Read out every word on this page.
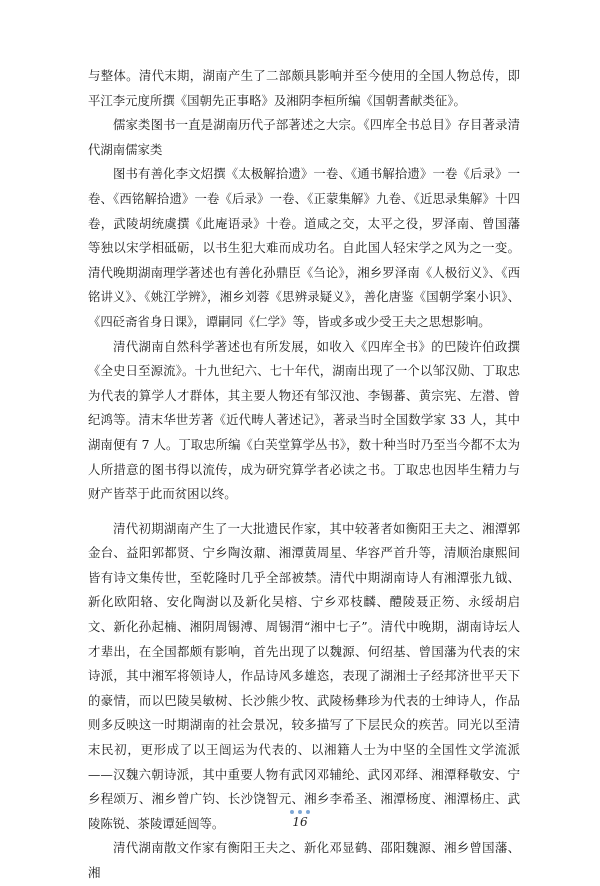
与整体。清代末期，湖南产生了二部颇具影响并至今使用的全国人物总传，即平江李元度所撰《国朝先正事略》及湘阴李桓所编《国朝耆献类征》。

儒家类图书一直是湖南历代子部著述之大宗。《四库全书总目》存目著录清代湖南儒家类

图书有善化李文炤撰《太极解拾遗》一卷、《通书解拾遗》一卷《后录》一卷、《西铭解拾遗》一卷《后录》一卷、《正蒙集解》九卷、《近思录集解》十四卷，武陵胡统虞撰《此庵语录》十卷。道咸之交，太平之役，罗泽南、曾国藩等独以宋学相砥砺，以书生犯大难而成功名。自此国人轻宋学之风为之一变。清代晚期湖南理学著述也有善化孙鼎臣《刍论》，湘乡罗泽南《人极衍义》、《西铭讲义》、《姚江学辨》，湘乡刘蓉《思辨录疑义》，善化唐鉴《国朝学案小识》、《四砭斋省身日课》，谭嗣同《仁学》等，皆或多或少受王夫之思想影响。

清代湖南自然科学著述也有所发展，如收入《四库全书》的巴陵许伯政撰《全史日至源流》。十九世纪六、七十年代，湖南出现了一个以邹汉勋、丁取忠为代表的算学人才群体，其主要人物还有邹汉池、李锡蕃、黄宗宪、左潜、曾纪鸿等。清末华世芳著《近代畴人著述记》，著录当时全国数学家 33 人，其中湖南便有 7 人。丁取忠所编《白芙堂算学丛书》，数十种当时乃至当今都不太为人所措意的图书得以流传，成为研究算学者必读之书。丁取忠也因毕生精力与财产皆萃于此而贫困以终。

清代初期湖南产生了一大批遗民作家，其中较著者如衡阳王夫之、湘潭郭金台、益阳郭都贤、宁乡陶汝鼐、湘潭黄周星、华容严首升等，清顺治康熙间皆有诗文集传世，至乾隆时几乎全部被禁。清代中期湖南诗人有湘潭张九钺、新化欧阳辂、安化陶澍以及新化吴榕、宁乡邓枝麟、醴陵聂正笏、永绥胡启文、新化孙起楠、湘阴周锡溥、周锡渭“湘中七子”。清代中晚期，湖南诗坛人才辈出，在全国都颇有影响，首先出现了以魏源、何绍基、曾国藩为代表的宋诗派，其中湘军将领诗人，作品诗风多雄恣，表现了湖湘士子经邦济世平天下的豪情，而以巴陵吴敏树、长沙熊少牧、武陵杨彝珍为代表的士绅诗人，作品则多反映这一时期湖南的社会景况，较多描写了下层民众的疾苦。同光以至清末民初，更形成了以王闿运为代表的、以湘籍人士为中坚的全国性文学流派——汉魏六朝诗派，其中重要人物有武冈邓辅纶、武冈邓绎、湘潭释敬安、宁乡程颂万、湘乡曾广钧、长沙饶智元、湘乡李希圣、湘潭杨度、湘潭杨庄、武陵陈锐、茶陵谭延闿等。

清代湖南散文作家有衡阳王夫之、新化邓显鹤、邵阳魏源、湘乡曾国藩、湘

16
